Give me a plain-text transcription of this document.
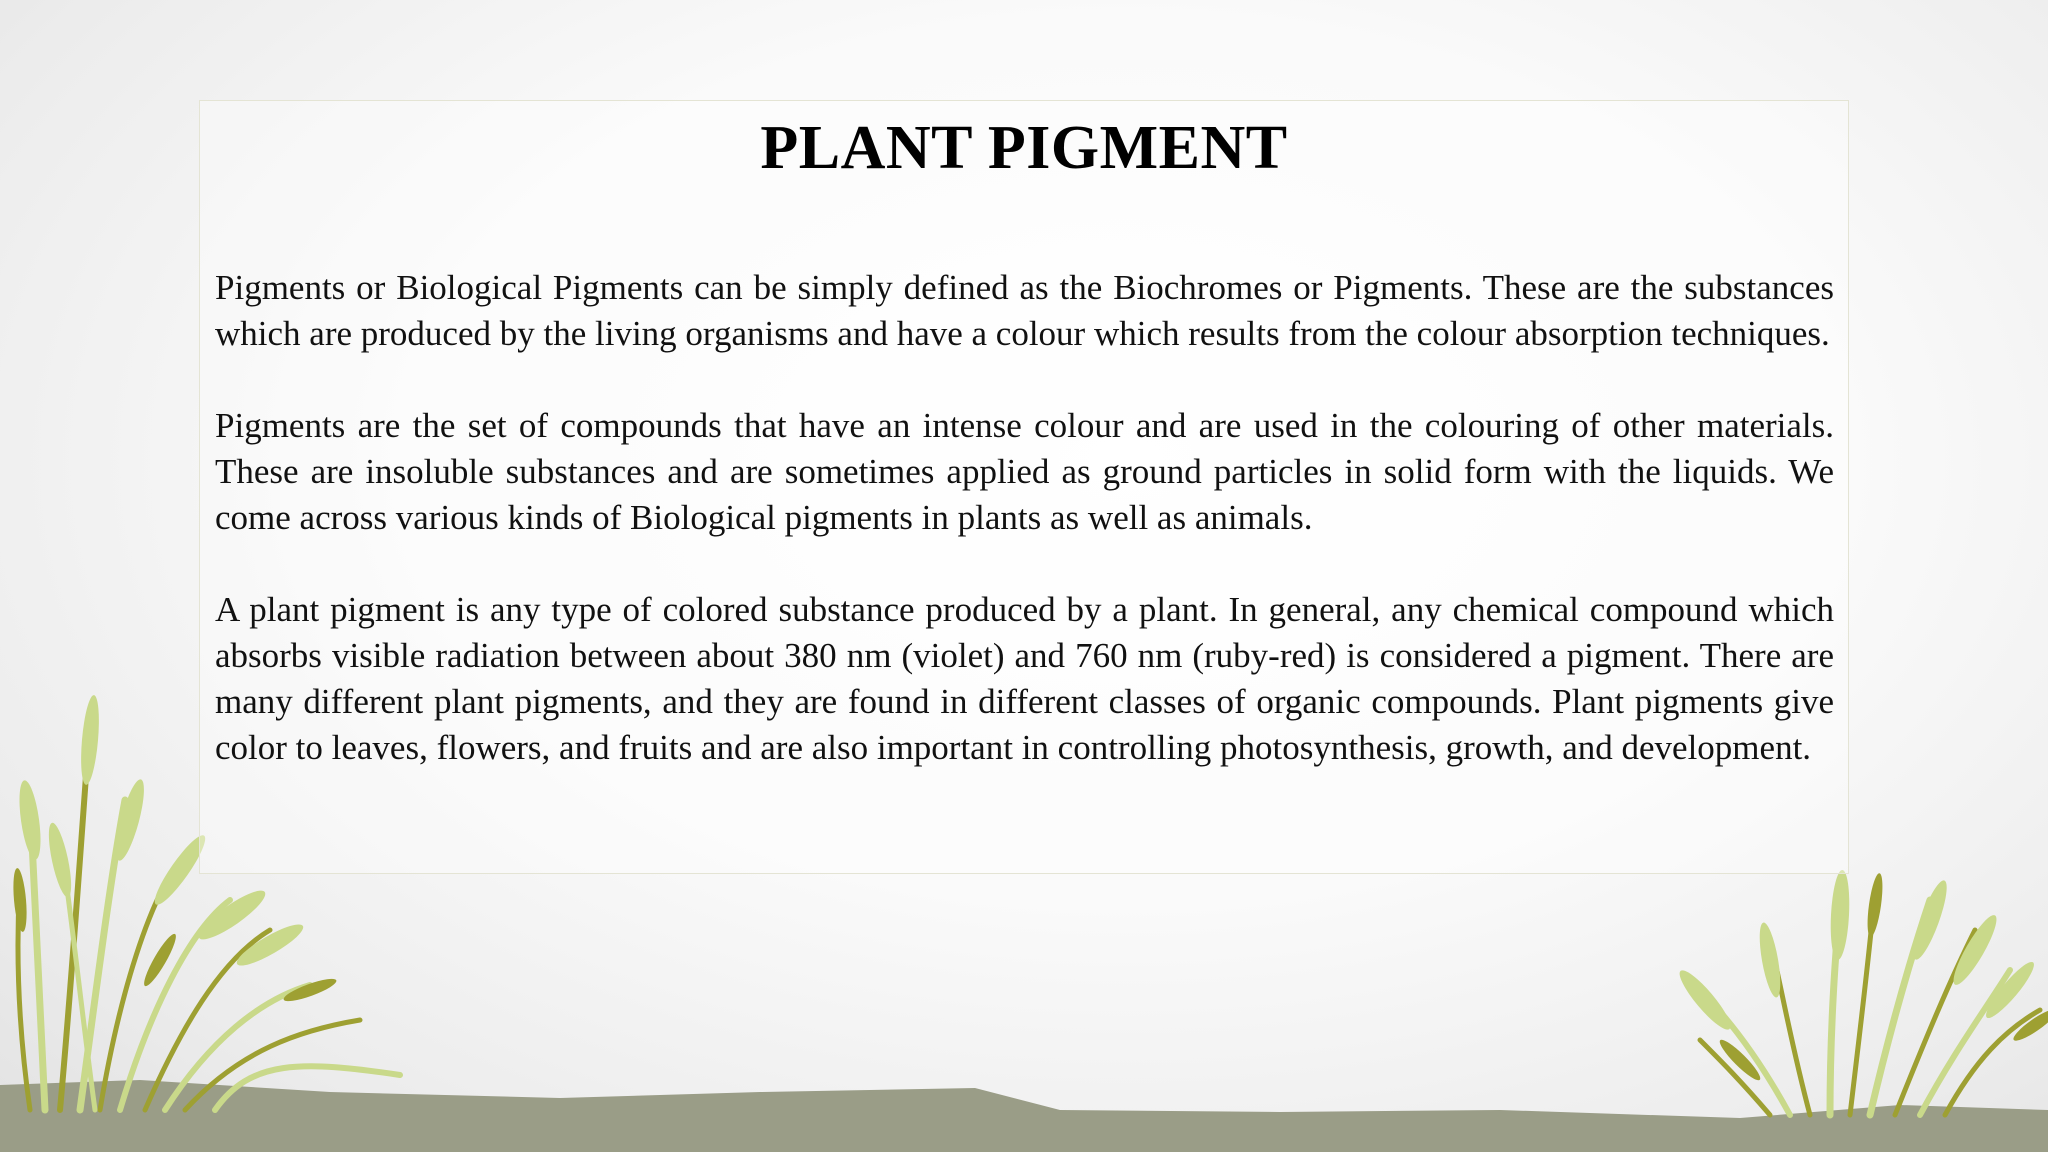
PLANT PIGMENT

Pigments or Biological Pigments can be simply defined as the Biochromes or Pigments. These are the substances which are produced by the living organisms and have a colour which results from the colour absorption techniques.

Pigments are the set of compounds that have an intense colour and are used in the colouring of other materials. These are insoluble substances and are sometimes applied as ground particles in solid form with the liquids. We come across various kinds of Biological pigments in plants as well as animals.

A plant pigment is any type of colored substance produced by a plant. In general, any chemical compound which absorbs visible radiation between about 380 nm (violet) and 760 nm (ruby-red) is considered a pigment. There are many different plant pigments, and they are found in different classes of organic compounds. Plant pigments give color to leaves, flowers, and fruits and are also important in controlling photosynthesis, growth, and development.
